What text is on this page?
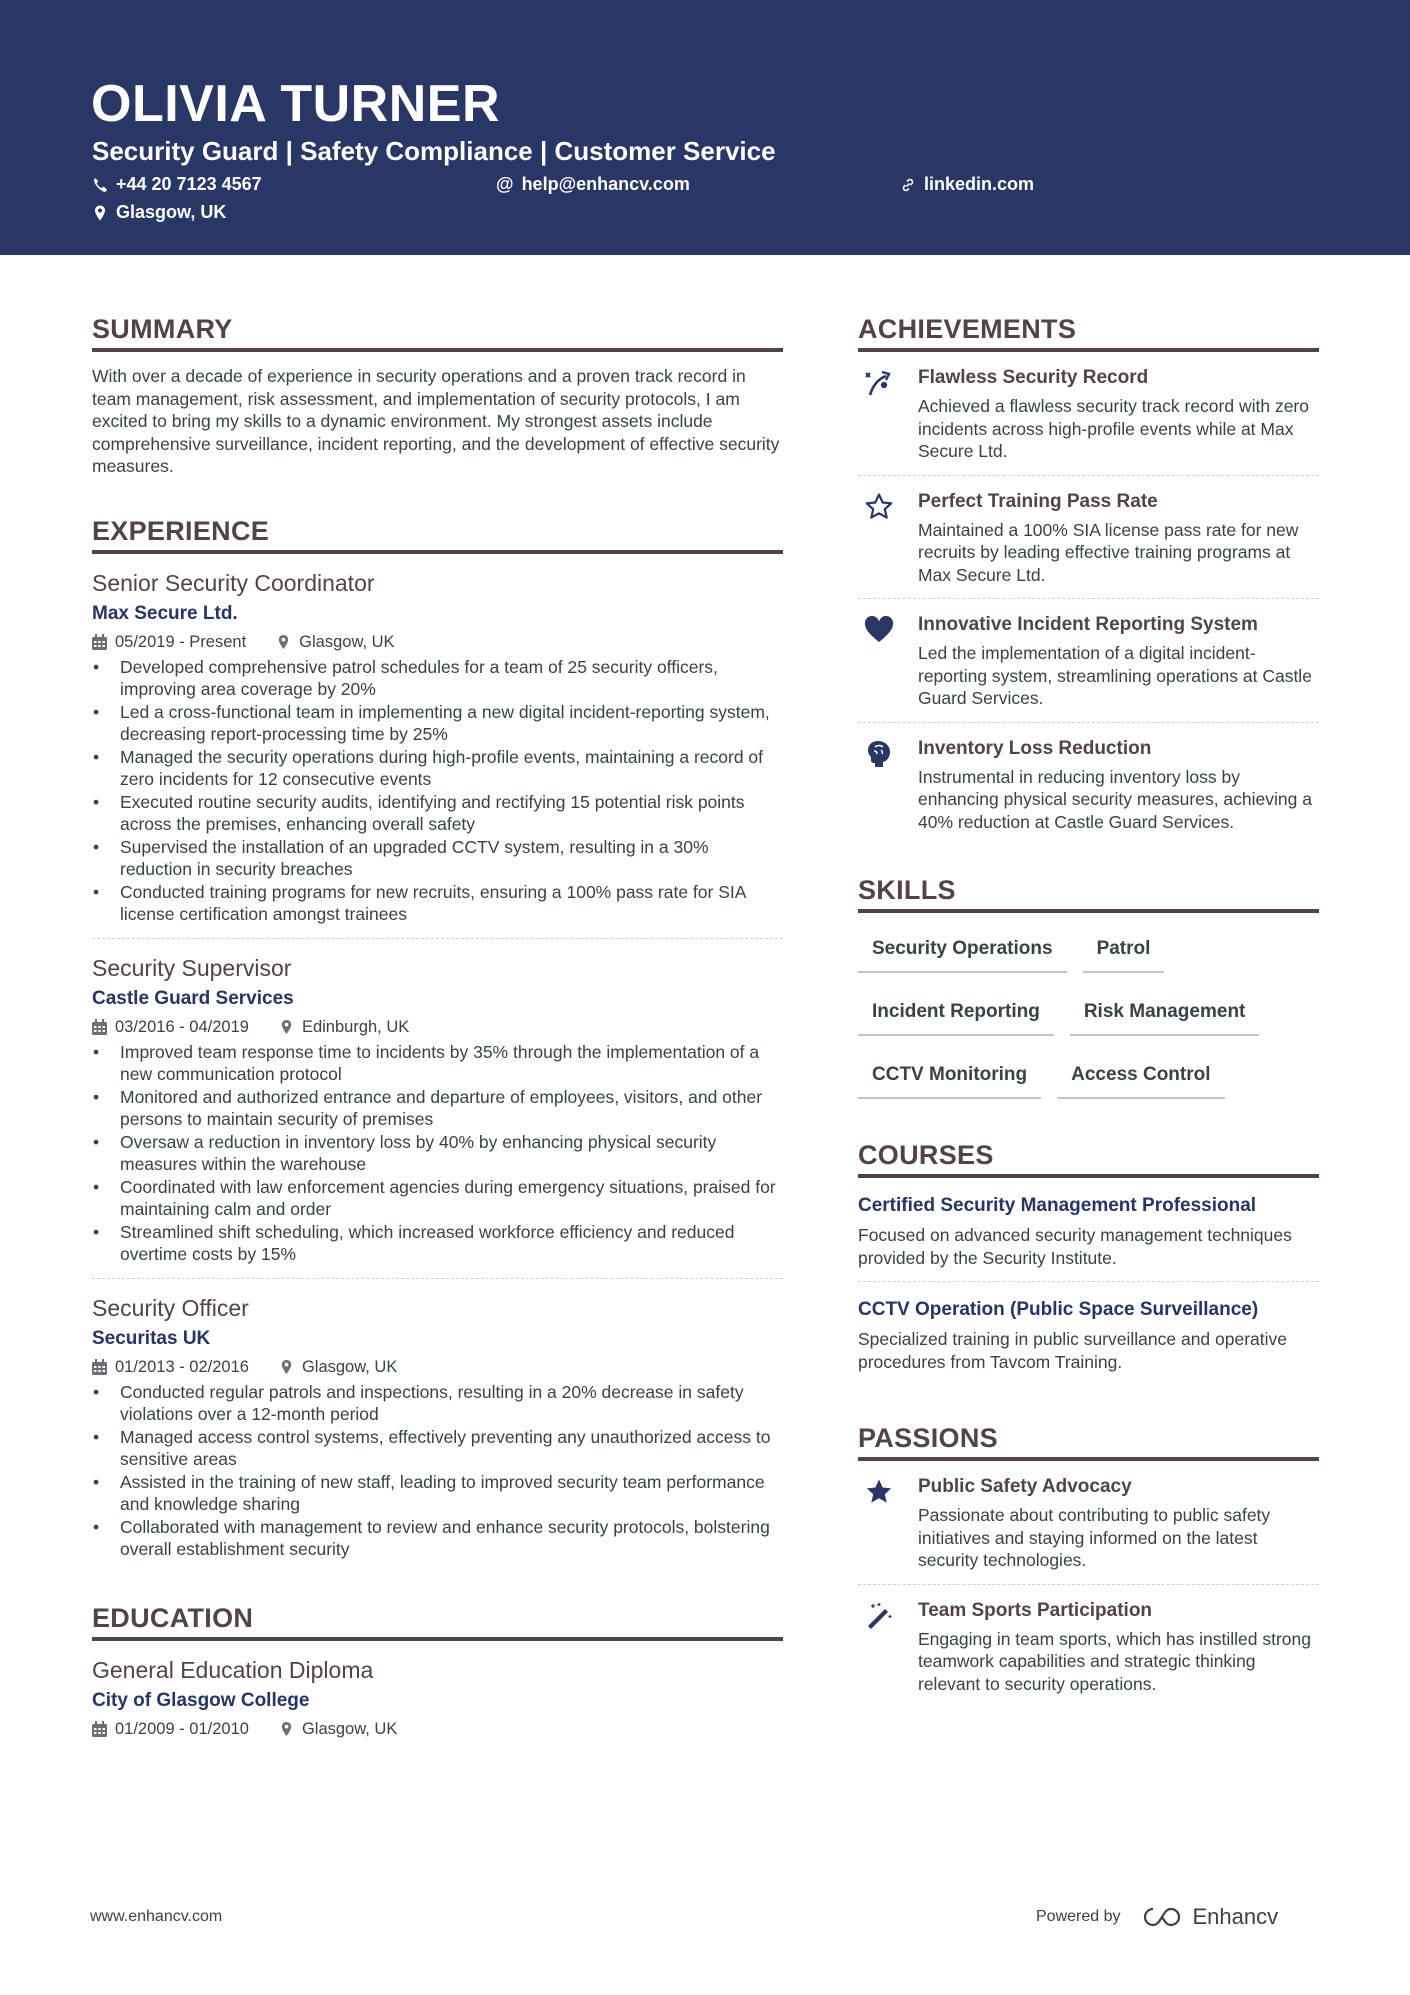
OLIVIA TURNER
Security Guard | Safety Compliance | Customer Service
+44 20 7123 4567	@ help@enhancv.com	linkedin.com
Glasgow, UK
SUMMARY

With over a decade of experience in security operations and a proven track record in team management, risk assessment, and implementation of security protocols, I am excited to bring my skills to a dynamic environment. My strongest assets include comprehensive surveillance, incident reporting, and the development of effective security measures.

EXPERIENCE
Senior Security Coordinator
Max Secure Ltd.
05/2019 - Present	Glasgow, UK
• Developed comprehensive patrol schedules for a team of 25 security officers, improving area coverage by 20%
• Led a cross-functional team in implementing a new digital incident-reporting system, decreasing report-processing time by 25%
• Managed the security operations during high-profile events, maintaining a record of zero incidents for 12 consecutive events
• Executed routine security audits, identifying and rectifying 15 potential risk points across the premises, enhancing overall safety
• Supervised the installation of an upgraded CCTV system, resulting in a 30% reduction in security breaches
• Conducted training programs for new recruits, ensuring a 100% pass rate for SIA license certification amongst trainees
Security Supervisor
Castle Guard Services
03/2016 - 04/2019	Edinburgh, UK
• Improved team response time to incidents by 35% through the implementation of a new communication protocol
• Monitored and authorized entrance and departure of employees, visitors, and other persons to maintain security of premises
• Oversaw a reduction in inventory loss by 40% by enhancing physical security measures within the warehouse
• Coordinated with law enforcement agencies during emergency situations, praised for maintaining calm and order
• Streamlined shift scheduling, which increased workforce efficiency and reduced overtime costs by 15%
Security Officer
Securitas UK
01/2013 - 02/2016	Glasgow, UK
• Conducted regular patrols and inspections, resulting in a 20% decrease in safety violations over a 12-month period
• Managed access control systems, effectively preventing any unauthorized access to sensitive areas
• Assisted in the training of new staff, leading to improved security team performance and knowledge sharing
• Collaborated with management to review and enhance security protocols, bolstering overall establishment security
EDUCATION
General Education Diploma
City of Glasgow College
01/2009 - 01/2010	Glasgow, UK
ACHIEVEMENTS
Flawless Security Record
Achieved a flawless security track record with zero incidents across high-profile events while at Max Secure Ltd.
Perfect Training Pass Rate
Maintained a 100% SIA license pass rate for new recruits by leading effective training programs at Max Secure Ltd.
Innovative Incident Reporting System
Led the implementation of a digital incident-reporting system, streamlining operations at Castle Guard Services.
Inventory Loss Reduction
Instrumental in reducing inventory loss by enhancing physical security measures, achieving a 40% reduction at Castle Guard Services.
SKILLS
Security Operations	Patrol
Incident Reporting	Risk Management
CCTV Monitoring	Access Control
COURSES
Certified Security Management Professional
Focused on advanced security management techniques provided by the Security Institute.
CCTV Operation (Public Space Surveillance)
Specialized training in public surveillance and operative procedures from Tavcom Training.
PASSIONS
Public Safety Advocacy
Passionate about contributing to public safety initiatives and staying informed on the latest security technologies.
Team Sports Participation
Engaging in team sports, which has instilled strong teamwork capabilities and strategic thinking relevant to security operations.
www.enhancv.com	Powered by	Enhancv
